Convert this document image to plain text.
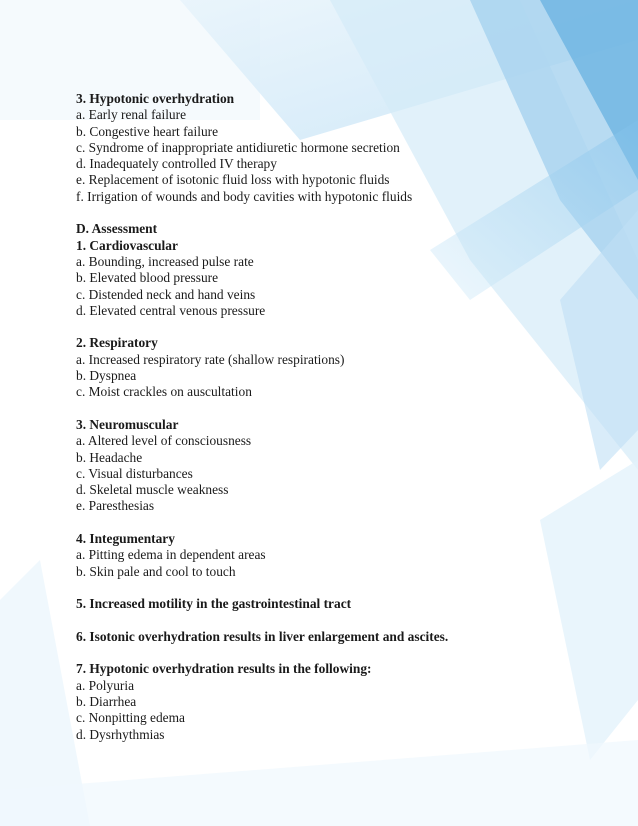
3. Hypotonic overhydration
a. Early renal failure
b. Congestive heart failure
c. Syndrome of inappropriate antidiuretic hormone secretion
d. Inadequately controlled IV therapy
e. Replacement of isotonic fluid loss with hypotonic fluids
f. Irrigation of wounds and body cavities with hypotonic fluids
D. Assessment
1. Cardiovascular
a. Bounding, increased pulse rate
b. Elevated blood pressure
c. Distended neck and hand veins
d. Elevated central venous pressure
2. Respiratory
a. Increased respiratory rate (shallow respirations)
b. Dyspnea
c. Moist crackles on auscultation
3. Neuromuscular
a. Altered level of consciousness
b. Headache
c. Visual disturbances
d. Skeletal muscle weakness
e. Paresthesias
4. Integumentary
a. Pitting edema in dependent areas
b. Skin pale and cool to touch
5. Increased motility in the gastrointestinal tract
6. Isotonic overhydration results in liver enlargement and ascites.
7. Hypotonic overhydration results in the following:
a. Polyuria
b. Diarrhea
c. Nonpitting edema
d. Dysrhythmias
